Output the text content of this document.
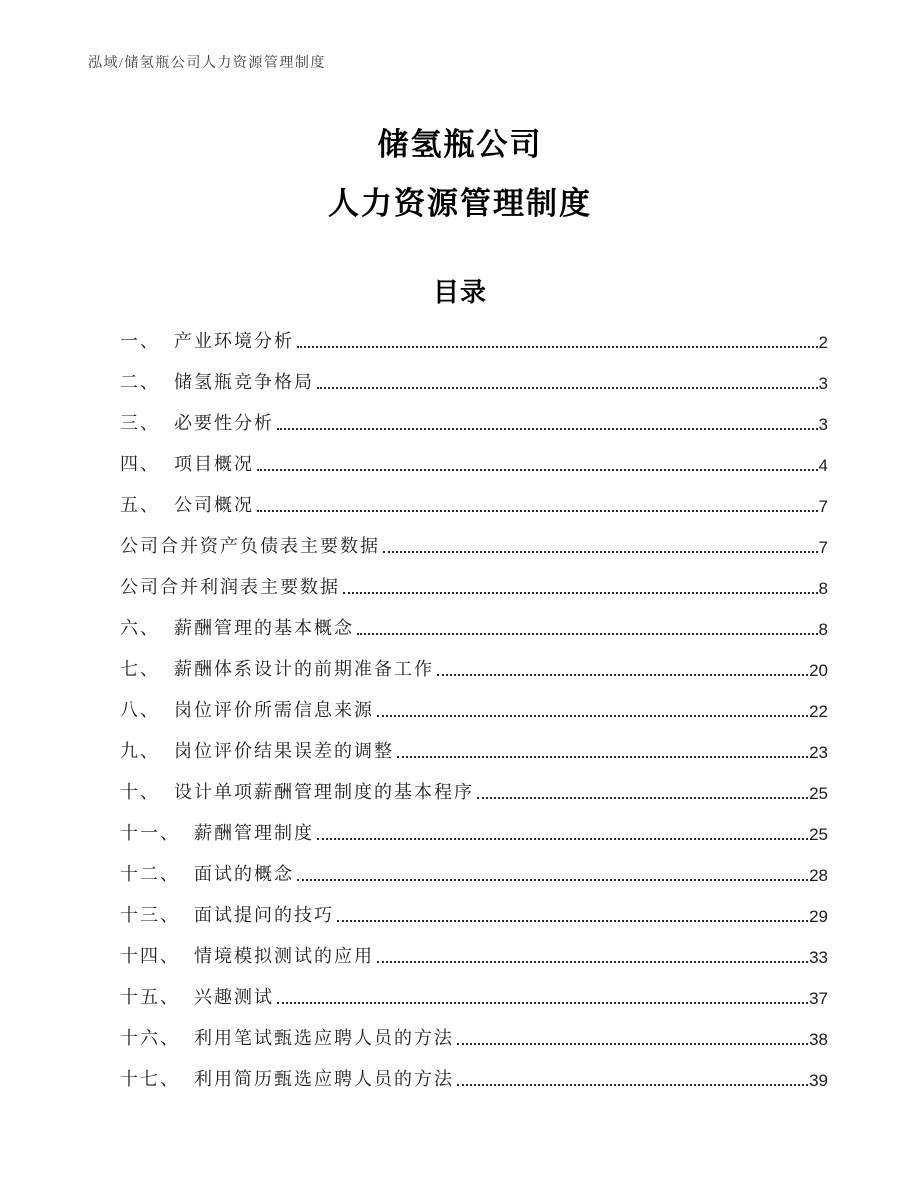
泓域/储氢瓶公司人力资源管理制度
储氢瓶公司
人力资源管理制度
目录
一、 产业环境分析	2
二、 储氢瓶竞争格局	3
三、 必要性分析	3
四、 项目概况	4
五、 公司概况	7
公司合并资产负债表主要数据	7
公司合并利润表主要数据	8
六、 薪酬管理的基本概念	8
七、 薪酬体系设计的前期准备工作	20
八、 岗位评价所需信息来源	22
九、 岗位评价结果误差的调整	23
十、 设计单项薪酬管理制度的基本程序	25
十一、 薪酬管理制度	25
十二、 面试的概念	28
十三、 面试提问的技巧	29
十四、 情境模拟测试的应用	33
十五、 兴趣测试	37
十六、 利用笔试甄选应聘人员的方法	38
十七、 利用简历甄选应聘人员的方法	39
